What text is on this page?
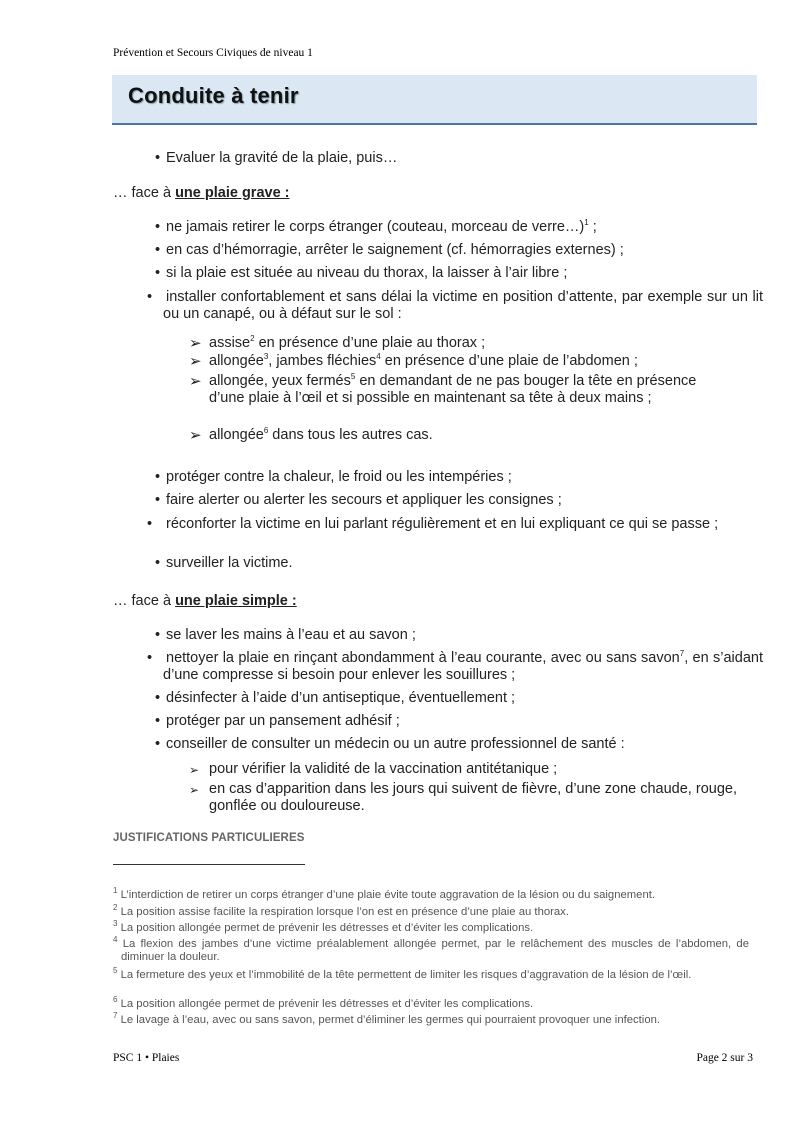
Prévention et Secours Civiques de niveau 1
Conduite à tenir
• Evaluer la gravité de la plaie, puis…
… face à une plaie grave :
• ne jamais retirer le corps étranger (couteau, morceau de verre…)$^1$ ;
• en cas d’hémorragie, arrêter le saignement (cf. hémorragies externes) ;
• si la plaie est située au niveau du thorax, la laisser à l’air libre ;
• installer confortablement et sans délai la victime en position d’attente, par exemple sur un lit ou un canapé, ou à défaut sur le sol :
➢ assise$^2$ en présence d’une plaie au thorax ;
➢ allongée$^3$, jambes fléchies$^4$ en présence d’une plaie de l’abdomen ;
➢ allongée, yeux fermés$^5$ en demandant de ne pas bouger la tête en présence d’une plaie à l’œil et si possible en maintenant sa tête à deux mains ;
➢ allongée$^6$ dans tous les autres cas.
• protéger contre la chaleur, le froid ou les intempéries ;
• faire alerter ou alerter les secours et appliquer les consignes ;
• réconforter la victime en lui parlant régulièrement et en lui expliquant ce qui se passe ;
• surveiller la victime.
… face à une plaie simple :
• se laver les mains à l’eau et au savon ;
• nettoyer la plaie en rinçant abondamment à l’eau courante, avec ou sans savon$^7$, en s’aidant d’une compresse si besoin pour enlever les souillures ;
• désinfecter à l’aide d’un antiseptique, éventuellement ;
• protéger par un pansement adhésif ;
• conseiller de consulter un médecin ou un autre professionnel de santé :
➢ pour vérifier la validité de la vaccination antitétanique ;
➢ en cas d’apparition dans les jours qui suivent de fièvre, d’une zone chaude, rouge, gonflée ou douloureuse.
JUSTIFICATIONS PARTICULIERES
$^1$ L’interdiction de retirer un corps étranger d’une plaie évite toute aggravation de la lésion ou du saignement.
$^2$ La position assise facilite la respiration lorsque l’on est en présence d’une plaie au thorax.
$^3$ La position allongée permet de prévenir les détresses et d’éviter les complications.
$^4$ La flexion des jambes d’une victime préalablement allongée permet, par le relâchement des muscles de l’abdomen, de diminuer la douleur.
$^5$ La fermeture des yeux et l’immobilité de la tête permettent de limiter les risques d’aggravation de la lésion de l’œil.
$^6$ La position allongée permet de prévenir les détresses et d’éviter les complications.
$^7$ Le lavage à l’eau, avec ou sans savon, permet d’éliminer les germes qui pourraient provoquer une infection.
PSC 1 • Plaies	Page 2 sur 3
